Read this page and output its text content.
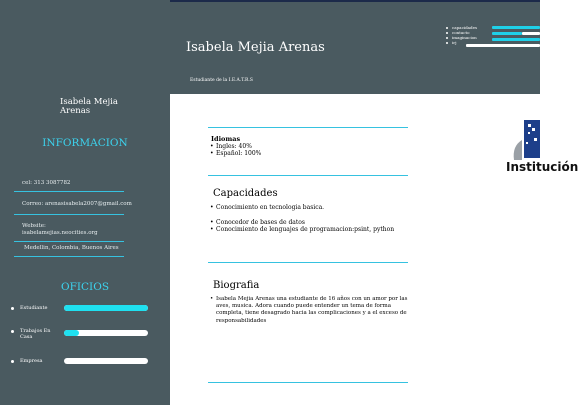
Isabela Mejia Arenas
INFORMACION
cel: 313 3087782
Correo: arenasisabela2007@gmail.com
Website: isabelamejias.neocities.org
Medellin, Colombia, Buenos Aires
OFICIOS
Estudiante
Trabajos En Casa
Empresa
Isabela Mejia Arenas
Estudiante de la I.E.A.T.R.S
capacidades
contacto
imaginacion
irj
Idiomas
• Ingles: 40%
• Español: 100%
Capacidades
• Conocimiento en tecnologia basica.
• Conocedor de bases de datos
• Conocimiento de lenguajes de programacion:psint, python
Biografia
• Isabela Mejia Arenas una estudiante de 16 años con un amor por las aves, musica. Adora cuando puede entender un tema de forma completa, tiene desagrado hacia las complicaciones y a el exceso de responsabilidades
Institución
